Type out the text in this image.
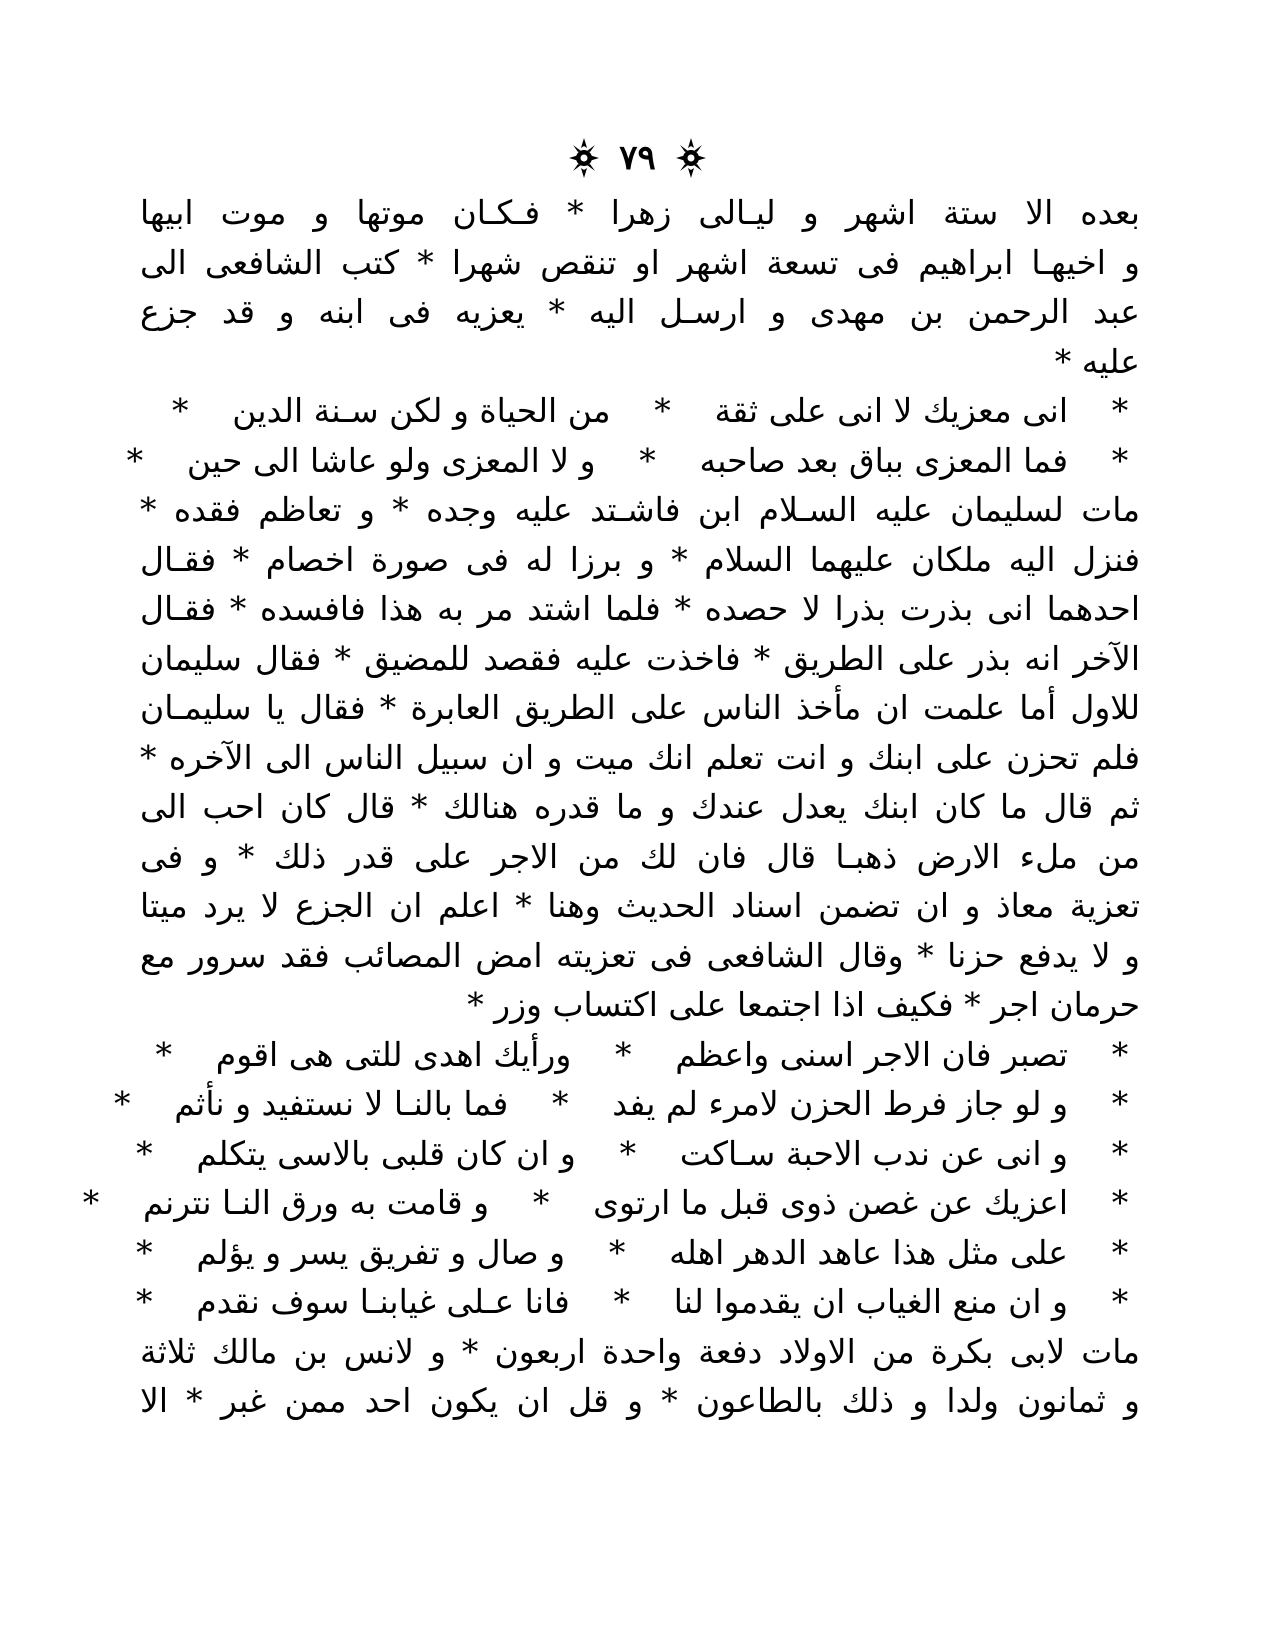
٧٩
بعده الا ستة اشهر و ليـالى زهرا * فـكـان موتها و موت ابيها
و اخيهـا ابراهيم فى تسعة اشهر او تنقص شهرا * كتب الشافعى الى
عبد الرحمن بن مهدى و ارسـل اليه * يعزيه فى ابنه و قد جزع
عليه *
*
انى معزيك لا انى على ثقة
*
من الحياة و لكن سـنة الدين
*
*
فما المعزى بباق بعد صاحبه
*
و لا المعزى ولو عاشا الى حين
*
مات لسليمان عليه السـلام ابن فاشـتد عليه وجده * و تعاظم فقده *
فنزل اليه ملكان عليهما السلام * و برزا له فى صورة اخصام * فقـال
احدهما انى بذرت بذرا لا حصده * فلما اشتد مر به هذا فافسده * فقـال
الآخر انه بذر على الطريق * فاخذت عليه فقصد للمضيق * فقال سليمان
للاول أما علمت ان مأخذ الناس على الطريق العابرة * فقال يا سليمـان
فلم تحزن على ابنك و انت تعلم انك ميت و ان سبيل الناس الى الآخره *
ثم قال ما كان ابنك يعدل عندك و ما قدره هنالك * قال كان احب الى
من ملء الارض ذهبـا قال فان لك من الاجر على قدر ذلك * و فى
تعزية معاذ و ان تضمن اسناد الحديث وهنا * اعلم ان الجزع لا يرد ميتا
و لا يدفع حزنا * وقال الشافعى فى تعزيته امض المصائب فقد سرور مع
حرمان اجر * فكيف اذا اجتمعا على اكتساب وزر *
*
تصبر فان الاجر اسنى واعظم
*
ورأيك اهدى للتى هى اقوم
*
*
و لو جاز فرط الحزن لامرء لم يفد
*
فما بالنـا لا نستفيد و نأثم
*
*
و انى عن ندب الاحبة سـاكت
*
و ان كان قلبى بالاسى يتكلم
*
*
اعزيك عن غصن ذوى قبل ما ارتوى
*
و قامت به ورق النـا نترنم
*
*
على مثل هذا عاهد الدهر اهله
*
و صال و تفريق يسر و يؤلم
*
*
و ان منع الغياب ان يقدموا لنا
*
فانا عـلى غيابنـا سوف نقدم
*
مات لابى بكرة من الاولاد دفعة واحدة اربعون * و لانس بن مالك ثلاثة
و ثمانون ولدا و ذلك بالطاعون * و قل ان يكون احد ممن غبر * الا
